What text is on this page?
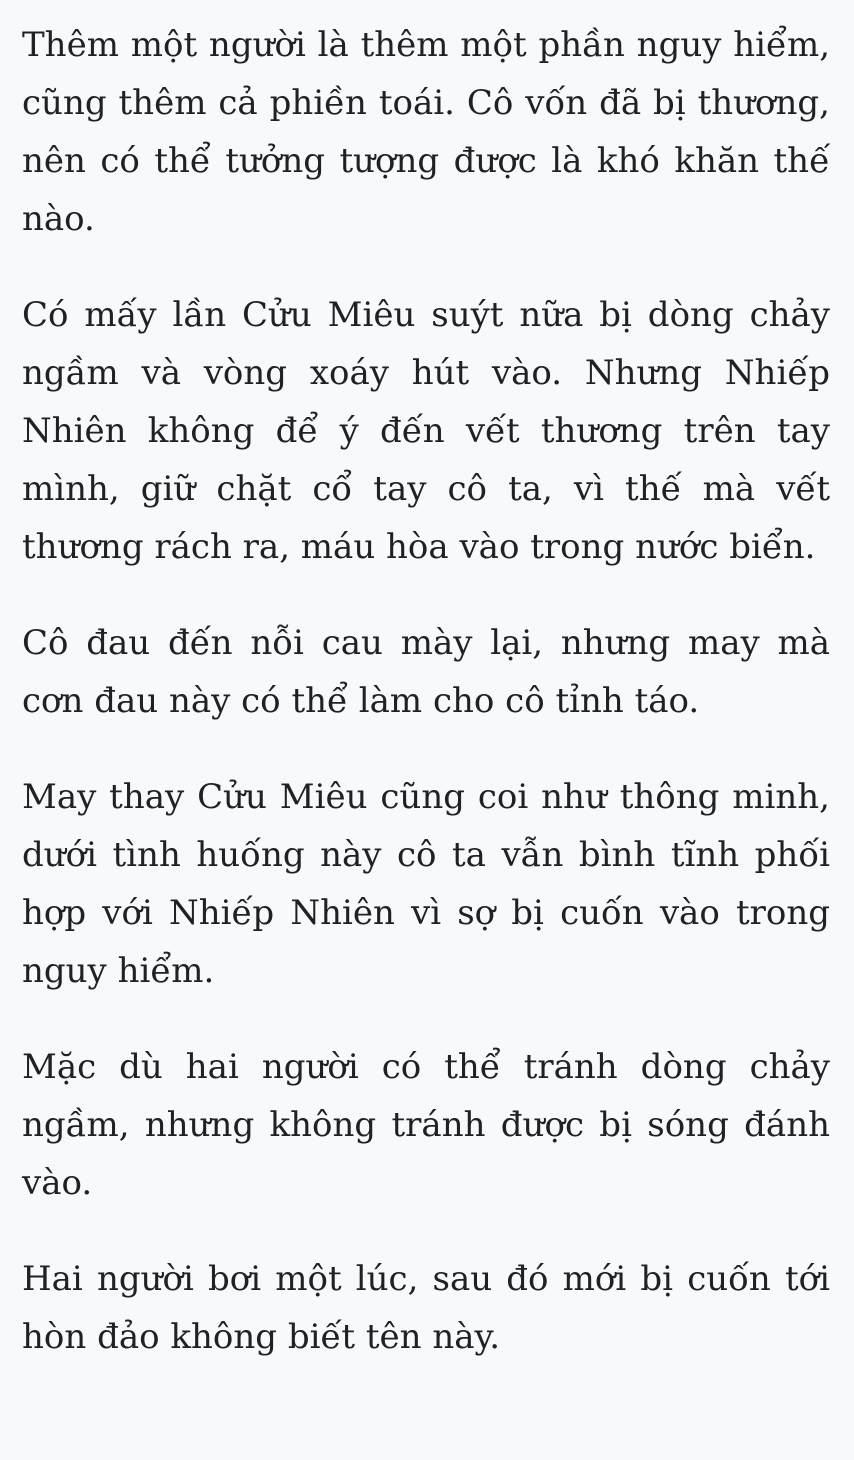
Thêm một người là thêm một phần nguy hiểm, cũng thêm cả phiền toái. Cô vốn đã bị thương, nên có thể tưởng tượng được là khó khăn thế nào.

Có mấy lần Cửu Miêu suýt nữa bị dòng chảy ngầm và vòng xoáy hút vào. Nhưng Nhiếp Nhiên không để ý đến vết thương trên tay mình, giữ chặt cổ tay cô ta, vì thế mà vết thương rách ra, máu hòa vào trong nước biển.

Cô đau đến nỗi cau mày lại, nhưng may mà cơn đau này có thể làm cho cô tỉnh táo.

May thay Cửu Miêu cũng coi như thông minh, dưới tình huống này cô ta vẫn bình tĩnh phối hợp với Nhiếp Nhiên vì sợ bị cuốn vào trong nguy hiểm.

Mặc dù hai người có thể tránh dòng chảy ngầm, nhưng không tránh được bị sóng đánh vào.

Hai người bơi một lúc, sau đó mới bị cuốn tới hòn đảo không biết tên này.
